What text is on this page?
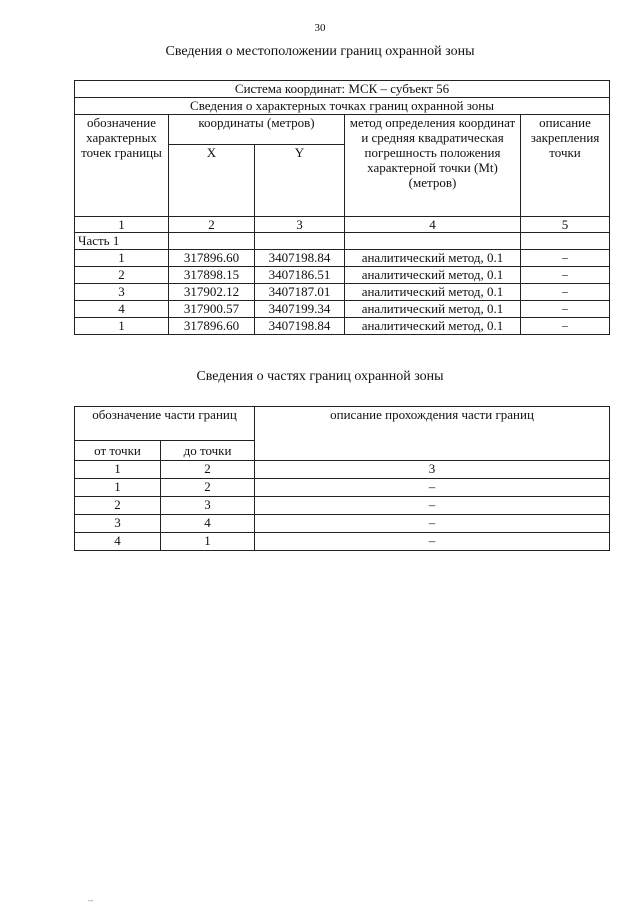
30
Сведения о местоположении границ охранной зоны
Система координат: МСК – субъект 56				
Сведения о характерных точках границ охранной зоны				
обозначение характерных точек границы	координаты (метров)		метод определения координат и средняя квадратическая погрешность положения характерной точки (Mt) (метров)	описание закрепления точки
	X	Y		
1	2	3	4	5
Часть 1				
1	317896.60	3407198.84	аналитический метод, 0.1	–
2	317898.15	3407186.51	аналитический метод, 0.1	–
3	317902.12	3407187.01	аналитический метод, 0.1	–
4	317900.57	3407199.34	аналитический метод, 0.1	–
1	317896.60	3407198.84	аналитический метод, 0.1	–
Сведения о частях границ охранной зоны
обозначение части границ		описание прохождения части границ
от точки	до точки	
1	2	3
1	2	–
2	3	–
3	4	–
4	1	–
--
